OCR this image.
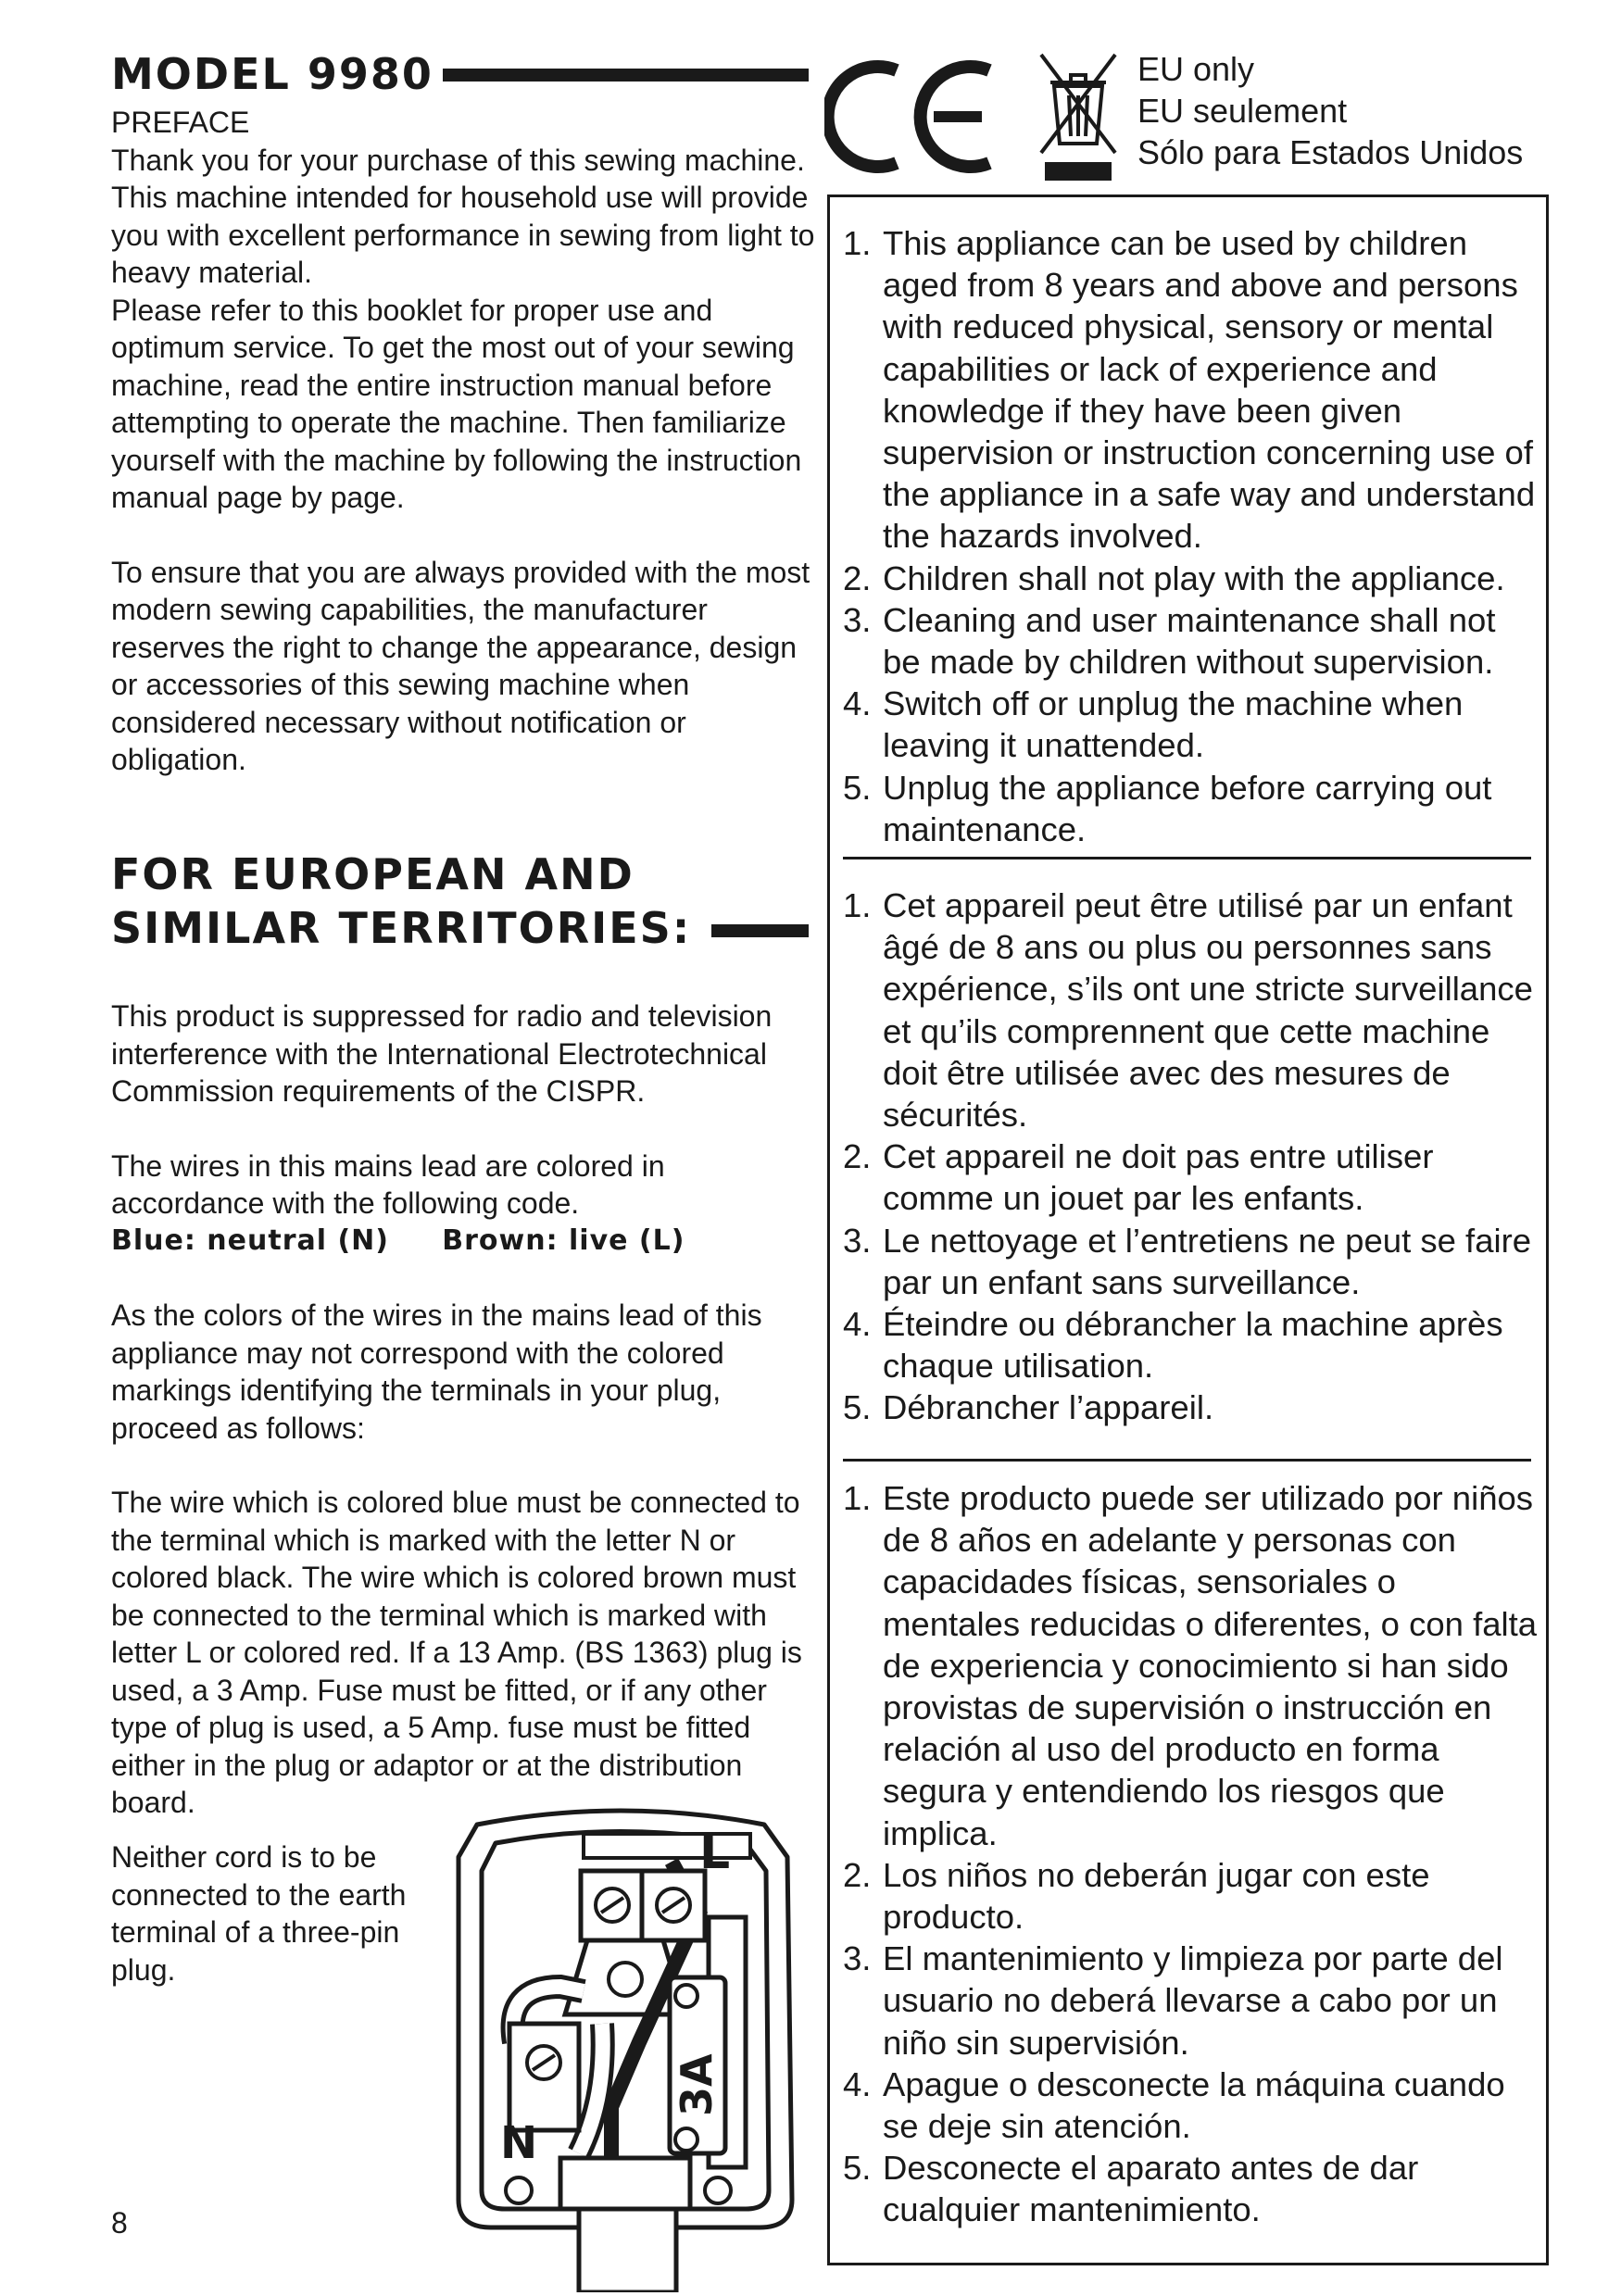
MODEL 9980

PREFACE

Thank you for your purchase of this sewing machine.

This machine intended for household use will provide you with excellent performance in sewing from light to heavy material.

Please refer to this booklet for proper use and optimum service. To get the most out of your sewing machine, read the entire instruction manual before attempting to operate the machine. Then familiarize yourself with the machine by following the instruction manual page by page.

To ensure that you are always provided with the most modern sewing capabilities, the manufacturer reserves the right to change the appearance, design or accessories of this sewing machine when considered necessary without notification or obligation.

FOR EUROPEAN AND
SIMILAR TERRITORIES:

This product is suppressed for radio and television interference with the International Electrotechnical Commission requirements of the CISPR.

The wires in this mains lead are colored in accordance with the following code.

Blue: neutral (N) Brown: live (L)

As the colors of the wires in the mains lead of this appliance may not correspond with the colored markings identifying the terminals in your plug, proceed as follows:

The wire which is colored blue must be connected to the terminal which is marked with the letter N or colored black. The wire which is colored brown must be connected to the terminal which is marked with letter L or colored red. If a 13 Amp. (BS 1363) plug is used, a 3 Amp. Fuse must be fitted, or if any other type of plug is used, a 5 Amp. fuse must be fitted either in the plug or adaptor or at the distribution board.

Neither cord is to be connected to the earth terminal of a three-pin plug.
8
L
N
3A
EU only
EU seulement
Sólo para Estados Unidos
1. This appliance can be used by children aged from 8 years and above and persons with reduced physical, sensory or mental capabilities or lack of experience and knowledge if they have been given supervision or instruction concerning use of the appliance in a safe way and understand the hazards involved.
2. Children shall not play with the appliance.
3. Cleaning and user maintenance shall not be made by children without supervision.
4. Switch off or unplug the machine when leaving it unattended.
5. Unplug the appliance before carrying out maintenance.
1. Cet appareil peut être utilisé par un enfant âgé de 8 ans ou plus ou personnes sans expérience, s’ils ont une stricte surveillance et qu’ils comprennent que cette machine doit être utilisée avec des mesures de sécurités.
2. Cet appareil ne doit pas entre utiliser comme un jouet par les enfants.
3. Le nettoyage et l’entretiens ne peut se faire par un enfant sans surveillance.
4. Éteindre ou débrancher la machine après chaque utilisation.
5. Débrancher l’appareil.
1. Este producto puede ser utilizado por niños de 8 años en adelante y personas con capacidades físicas, sensoriales o mentales reducidas o diferentes, o con falta de experiencia y conocimiento si han sido provistas de supervisión o instrucción en relación al uso del producto en forma segura y entendiendo los riesgos que implica.
2. Los niños no deberán jugar con este producto.
3. El mantenimiento y limpieza por parte del usuario no deberá llevarse a cabo por un niño sin supervisión.
4. Apague o desconecte la máquina cuando se deje sin atención.
5. Desconecte el aparato antes de dar cualquier mantenimiento.
